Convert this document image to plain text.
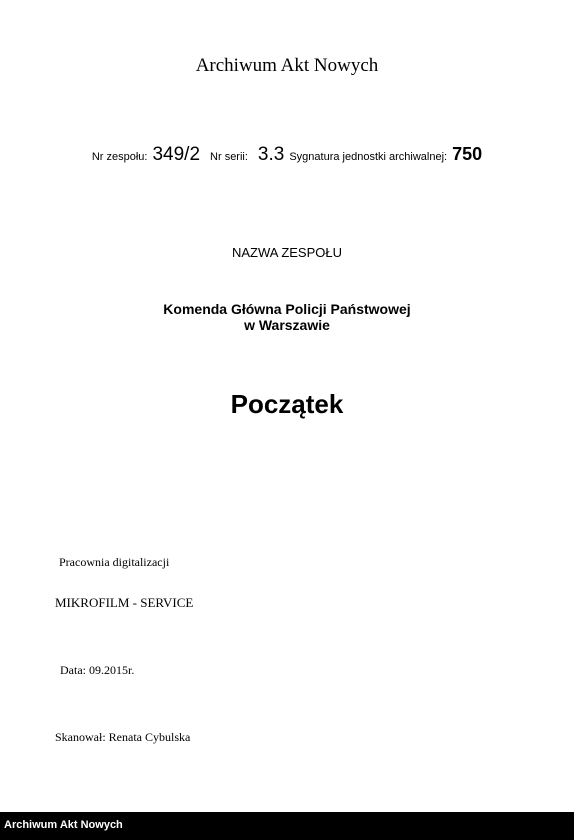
Archiwum Akt Nowych
Nr zespołu: 349/2 Nr serii: 3.3 Sygnatura jednostki archiwalnej: 750
NAZWA ZESPOŁU
Komenda Główna Policji Państwowej
w Warszawie
Początek
Pracownia digitalizacji
MIKROFILM - SERVICE
Data: 09.2015r.
Skanował: Renata Cybulska
Archiwum Akt Nowych
